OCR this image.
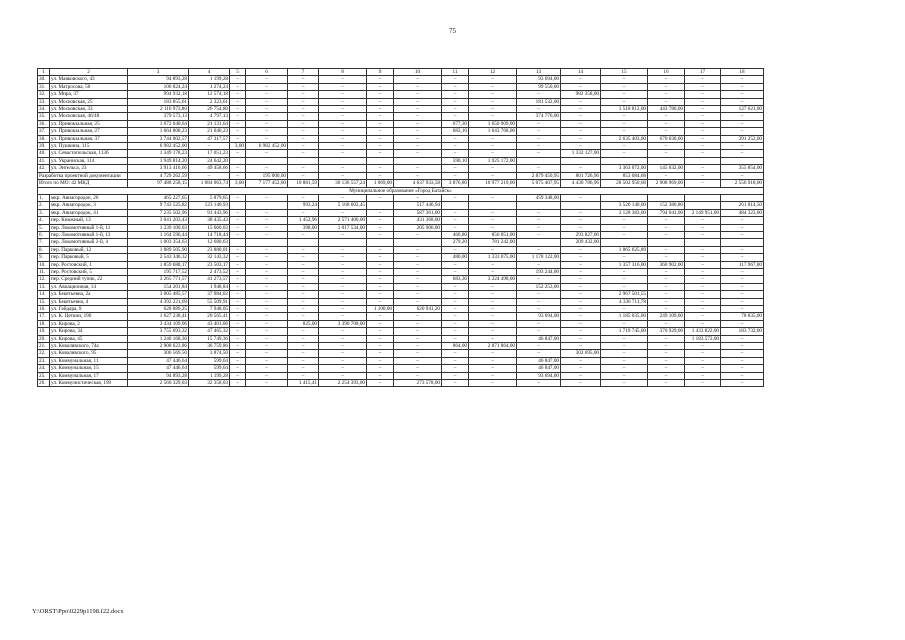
75
1	2	3	4	5	6	7	8	9	10	11	12	13	14	15	16	17	18
30.	ул. Маяковского, 43	94 893,28	1 199,28	–	–	–	–	–	–	–	–	93 694,00	–	–	–	–	–
31.	ул. Матросова, 50	100 824,24	1 274,24	–	–	–	–	–	–	–	–	99 550,00	–	–	–	–	–
32.	ул. Мира, 37	994 932,18	12 574,18	–	–	–	–	–	–	–	–	–	982 358,00	–	–	–	–
33.	ул. Московская, 25	183 855,61	2 323,61	–	–	–	–	–	–	–	–	181 532,00	–	–	–	–	–
34.	ул. Московская, 33	2 116 973,80	26 754,80	–	–	–	–	–	–	–	–	–	–	1 518 812,00	443 786,00	–	127 621,00
35.	ул. Московская, 46/48	379 573,13	4 797,13	–	–	–	–	–	–	–	–	374 776,00	–	–	–	–	–
36.	ул. Привокзальная, 25	1 672 040,64	21 131,64	–	–	–	–	–	–	677,30	1 650 909,00	–	–	–	–	–	–
37.	ул. Привокзальная, 27	1 664 808,23	21 040,23	–	–	–	–	–	–	683,10	1 643 768,00	–	–	–	–	–	–
38.	ул. Привокзальная, 37	3 744 002,57	47 317,57	–	–	–	–	–	–	–	–	–	–	2 635 403,00	670 030,00	–	391 252,00
39.	ул. Пушкина, 115	6 982 452,00	–	3,00	6 982 452,00	–	–	–	–	–	–	–	–	–	–	–	–
40.	ул. Севастопольская, 113б	1 349 178,23	17 051,23	–	–	–	–	–	–	–	–	–	1 332 127,00	–	–	–	–
41.	ул. Украинская, 114	1 949 814,20	24 642,20							590,10	1 925 172,00						
42.	ул. Энгельса, 23	3 913 416,66	49 458,66	–	–	–	–	–	–	–	–	–	–	3 363 072,00	145 032,00	–	355 854,00
Разработка проектной документации		4 729 262,59	–	–	195 000,00	–	–	–	–	–	–	2 879 450,95	801 726,96	853 084,68	–	–	–
Итого по МО: 42 МКД		97 488 258,15	1 084 063,74	3,00	7 177 452,00	10 881,59	30 136 557,24	1 069,00	4 637 933,58	3 876,80	10 977 219,00	5 075 407,95	4 430 786,96	28 502 950,68	2 908 969,00	–	2 556 918,00
Муниципальное образование «Город Батайск»																	
1.	мкр. Авиагородок, 26	465 227,65	5 879,65	–	–	–	–	–	–	–	–	459 348,00	–				
2.	мкр. Авиагородок, 3	9 743 525,82	123 140,93			993,24	5 168 602,45		517 446,94					3 520 140,00	152 380,80		261 814,50
3.	мкр. Авиагородок, 41	7 235 502,96	91 443,96	–	–	–	–	–	587 361,00	–	–	–	–	3 128 383,00	794 041,00	2 149 951,00	484 323,00
4.	пер. Книжный, 13	3 041 203,43	38 435,43	–	–	1 452,96	2 571 400,00	–	431 368,00	–	–	–	–	–	–	–	–
5.	пер. Локомотивный 1-й, 11	1 239 100,03	15 660,03	–	–	398,00	1 017 534,00	–	205 906,00	–	–	–	–	–	–	–	–
6.	пер. Локомотивный 1-й, 13	1 164 596,44	14 718,44	–	–	–	–	–	–	466,80	856 051,00	–	293 827,00	–	–	–	–
7.	пер. Локомотивный 2-й, 4	1 003 354,63	12 680,63							279,20	781 242,00		209 432,00				
8.	пер. Парковый, 12	1 889 505,90	23 880,01	–	–	–	–	–	–	–	–	–	–	1 865 625,89	–	–	–
9.	пер. Парковый, 5	2 543 340,32	32 143,32	–	–	–	–	–	–	480,00	1 333 075,00	1 178 122,00	–	–	–	–	–
10.	пер. Ростовский, 1	1 859 688,17	23 503,17	–	–	–	–	–	–	–	–	–	–	1 357 316,00	360 902,00	–	117 967,00
11.	пер. Ростовский, 5	195 717,52	2 473,52	–	–	–	–	–	–	–	–	193 244,00	–	–	–	–	–
12.	пер. Средний тупик, 22	3 265 771,57	41 273,57	–	–	–	–	–	–	683,30	3 224 498,00	–	–	–	–	–	–
13.	ул. Авиационная, 14	154 201,84	1 948,84	–	–	–	–	–	–	–	–	152 253,00	–	–	–	–	–
14.	ул. Бекетьевна, 2а	3 005 485,57	37 984,02	–	–	–	–	–	–	–	–	–	–	2 967 501,55	–	–	–
15.	ул. Бекетьевна, 4	4 392 221,69	55 509,91	–	–	–	–	–	–	–	–	–	–	4 336 711,78	–	–	–
16.	ул. Гайдара, 9	628 889,25	7 948,05	–	–	–	–	1 100,00	620 941,20	–	–	–	–	–	–	–	–
17.	ул. К. Цеткин, 190	1 627 238,41	20 565,41	–	–	–	–	–	–	–	–	93 694,00	–	1 185 035,00	249 109,00	–	78 835,00
18.	ул. Кирова, 2	3 434 109,06	43 401,06	–	–	825,00	3 390 708,00	–	–	–	–	–	–	–	–	–	–
19.	ул. Кирова, 34	3 755 693,32	47 465,32	–	–	–	–	–	–	–	–	–	–	1 719 745,00	370 929,00	1 433 822,00	183 732,00
20.	ул. Кирова, 45	1 246 168,36	15 749,36	–	–	–	–	–	–	–	–	46 847,00	–	–	–	1 183 572,00	–
21.	ул. Коваливского, 74а	2 908 623,86	36 759,86	–	–	–	–	–	–	864,00	2 871 864,00	–	–	–	–	–	–
22.	ул. Коваливского, 95	306 569,50	3 874,50	–	–	–	–	–	–	–	–	–	302 695,00	–	–	–	–
23.	ул. Коммунальная, 11	47 446,64	599,64	–	–	–	–	–	–	–	–	46 847,00	–	–	–	–	–
24.	ул. Коммунальная, 15	47 446,64	599,64	–	–	–	–	–	–	–	–	46 847,00	–	–	–	–	–
25.	ул. Коммунальная, 17	94 893,28	1 199,28	–	–	–	–	–	–	–	–	93 694,00	–	–	–	–	–
26.	ул. Коммунистическая, 199	2 560 329,03	32 358,03	–	–	1 415,41	2 254 393,00	–	273 578,00	–	–	–	–	–	–	–	–
Y:\ORST\Ppo\0229p1198.f22.docx
